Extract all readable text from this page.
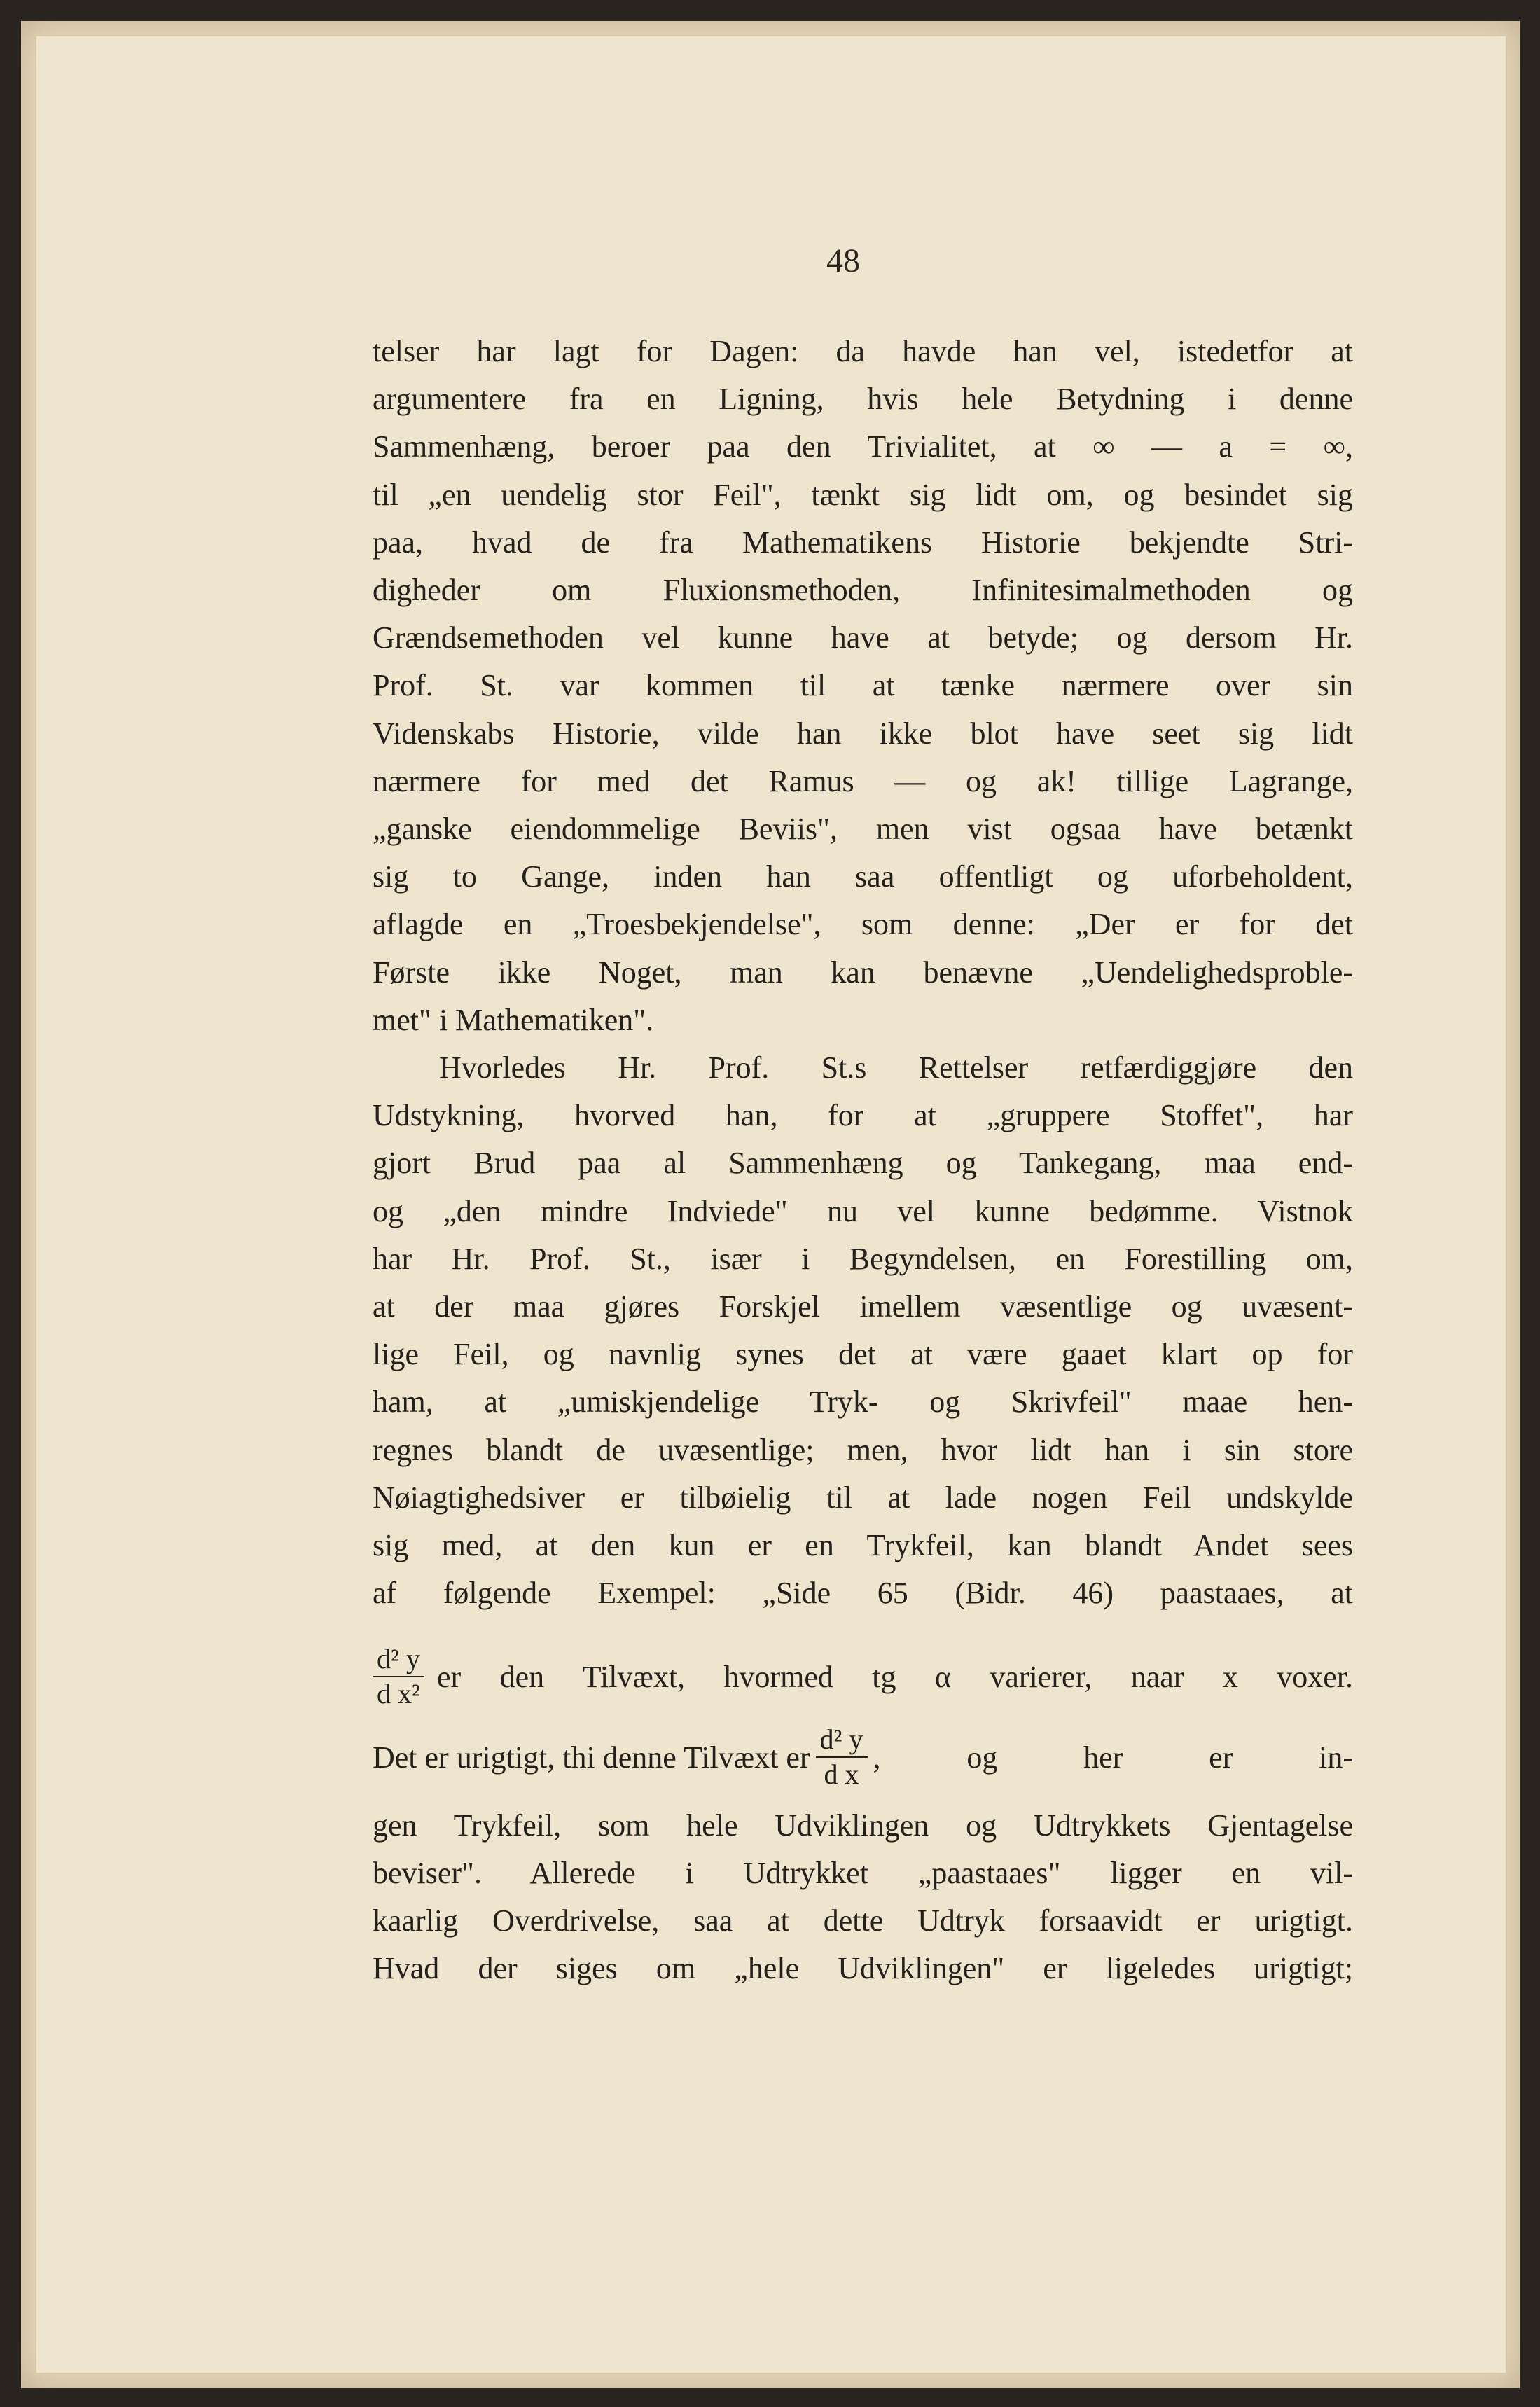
48
$\frac{\text{d² y}}{\text{d x²}}$ er den Tilvæxt, hvormed tg α varierer, naar x voxer.
Det er urigtigt, thi denne Tilvæxt er $\frac{\text{d² y}}{\text{d x}}$ , og her er in-
telser har lagt for Dagen: da havde han vel, istedetfor at
argumentere fra en Ligning, hvis hele Betydning i denne
Sammenhæng, beroer paa den Trivialitet, at ∞ — a = ∞,
til „en uendelig stor Feil", tænkt sig lidt om, og besindet sig
paa, hvad de fra Mathematikens Historie bekjendte Stri-
digheder om Fluxionsmethoden, Infinitesimalmethoden og
Grændsemethoden vel kunne have at betyde; og dersom Hr.
Prof. St. var kommen til at tænke nærmere over sin
Videnskabs Historie, vilde han ikke blot have seet sig lidt
nærmere for med det Ramus — og ak! tillige Lagrange,
„ganske eiendommelige Beviis", men vist ogsaa have betænkt
sig to Gange, inden han saa offentligt og uforbeholdent,
aflagde en „Troesbekjendelse", som denne: „Der er for det
Første ikke Noget, man kan benævne „Uendelighedsproble-
met" i Mathematiken".
Hvorledes Hr. Prof. St.s Rettelser retfærdiggjøre den
Udstykning, hvorved han, for at „gruppere Stoffet", har
gjort Brud paa al Sammenhæng og Tankegang, maa end-
og „den mindre Indviede" nu vel kunne bedømme. Vistnok
har Hr. Prof. St., især i Begyndelsen, en Forestilling om,
at der maa gjøres Forskjel imellem væsentlige og uvæsent-
lige Feil, og navnlig synes det at være gaaet klart op for
ham, at „umiskjendelige Tryk- og Skrivfeil" maae hen-
regnes blandt de uvæsentlige; men, hvor lidt han i sin store
Nøiagtighedsiver er tilbøielig til at lade nogen Feil undskylde
sig med, at den kun er en Trykfeil, kan blandt Andet sees
af følgende Exempel: „Side 65 (Bidr. 46) paastaaes, at
gen Trykfeil, som hele Udviklingen og Udtrykkets Gjentagelse
beviser". Allerede i Udtrykket „paastaaes" ligger en vil-
kaarlig Overdrivelse, saa at dette Udtryk forsaavidt er urigtigt.
Hvad der siges om „hele Udviklingen" er ligeledes urigtigt;
